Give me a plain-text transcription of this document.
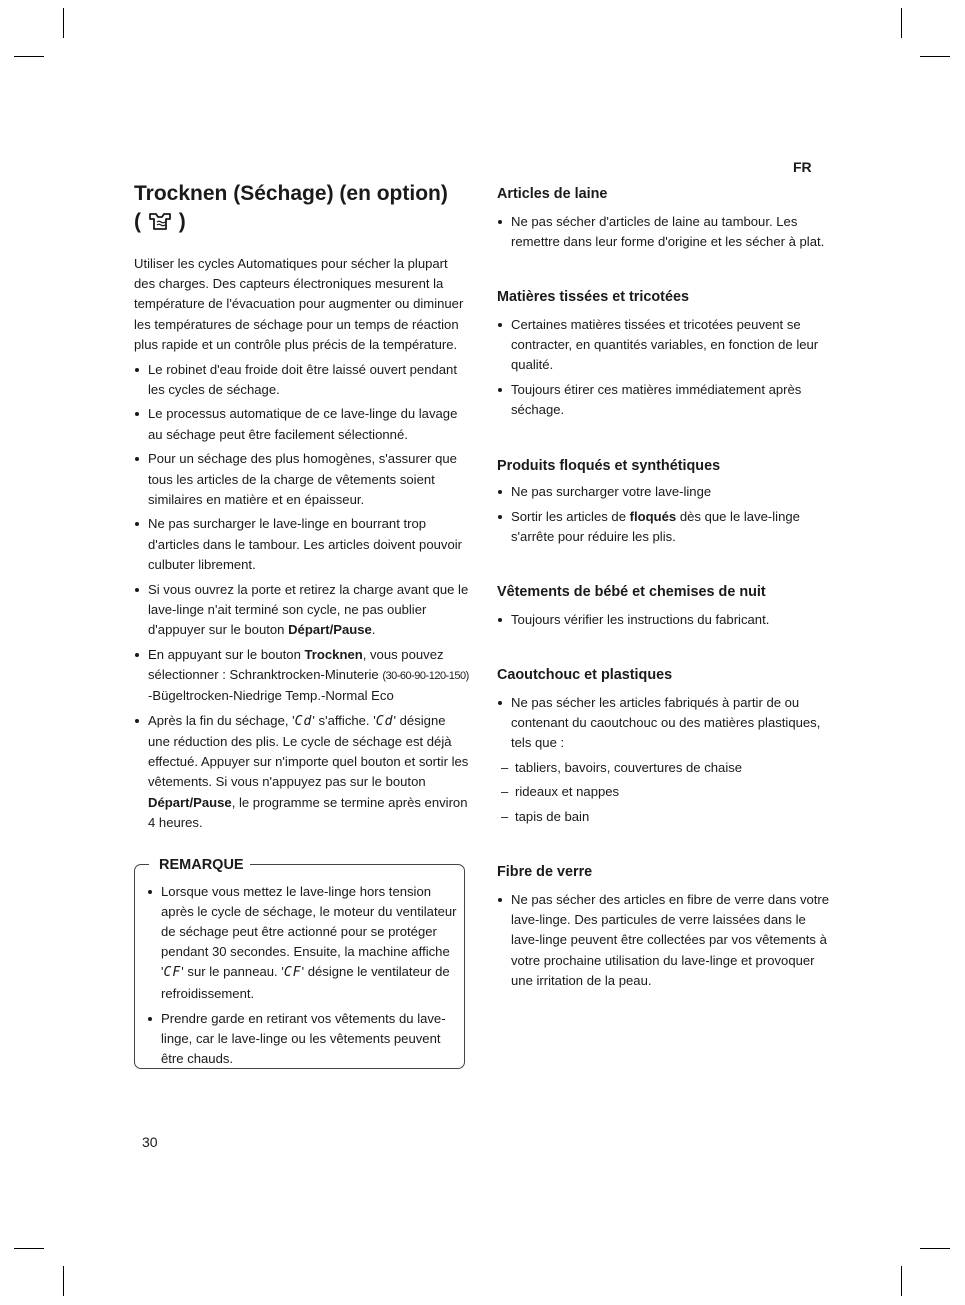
FR
Trocknen (Séchage) (en option)
( )

Utiliser les cycles Automatiques pour sécher la plupart des charges. Des capteurs électroniques mesurent la température de l'évacuation pour augmenter ou diminuer les températures de séchage pour un temps de réaction plus rapide et un contrôle plus précis de la température.

Le robinet d'eau froide doit être laissé ouvert pendant les cycles de séchage.
Le processus automatique de ce lave-linge du lavage au séchage peut être facilement sélectionné.
Pour un séchage des plus homogènes, s'assurer que tous les articles de la charge de vêtements soient similaires en matière et en épaisseur.
Ne pas surcharger le lave-linge en bourrant trop d'articles dans le tambour. Les articles doivent pouvoir culbuter librement.
Si vous ouvrez la porte et retirez la charge avant que le lave-linge n'ait terminé son cycle, ne pas oublier d'appuyer sur le bouton Départ/Pause.
En appuyant sur le bouton Trocknen, vous pouvez sélectionner : Schranktrocken-Minuterie (30-60-90-120-150) -Bügeltrocken-Niedrige Temp.-Normal Eco
Après la fin du séchage, 'Cd' s'affiche. 'Cd' désigne une réduction des plis. Le cycle de séchage est déjà effectué. Appuyer sur n'importe quel bouton et sortir les vêtements. Si vous n'appuyez pas sur le bouton Départ/Pause, le programme se termine après environ 4 heures.
REMARQUE
Lorsque vous mettez le lave-linge hors tension après le cycle de séchage, le moteur du ventilateur de séchage peut être actionné pour se protéger pendant 30 secondes. Ensuite, la machine affiche 'CF' sur le panneau. 'CF' désigne le ventilateur de refroidissement.
Prendre garde en retirant vos vêtements du lave-linge, car le lave-linge ou les vêtements peuvent être chauds.
Articles de laine
Ne pas sécher d'articles de laine au tambour. Les remettre dans leur forme d'origine et les sécher à plat.
Matières tissées et tricotées
Certaines matières tissées et tricotées peuvent se contracter, en quantités variables, en fonction de leur qualité.
Toujours étirer ces matières immédiatement après séchage.
Produits floqués et synthétiques
Ne pas surcharger votre lave-linge
Sortir les articles de floqués dès que le lave-linge s'arrête pour réduire les plis.
Vêtements de bébé et chemises de nuit
Toujours vérifier les instructions du fabricant.
Caoutchouc et plastiques
Ne pas sécher les articles fabriqués à partir de ou contenant du caoutchouc ou des matières plastiques, tels que :
– tabliers, bavoirs, couvertures de chaise
– rideaux et nappes
– tapis de bain
Fibre de verre
Ne pas sécher des articles en fibre de verre dans votre lave-linge. Des particules de verre laissées dans le lave-linge peuvent être collectées par vos vêtements à votre prochaine utilisation du lave-linge et provoquer une irritation de la peau.
30
